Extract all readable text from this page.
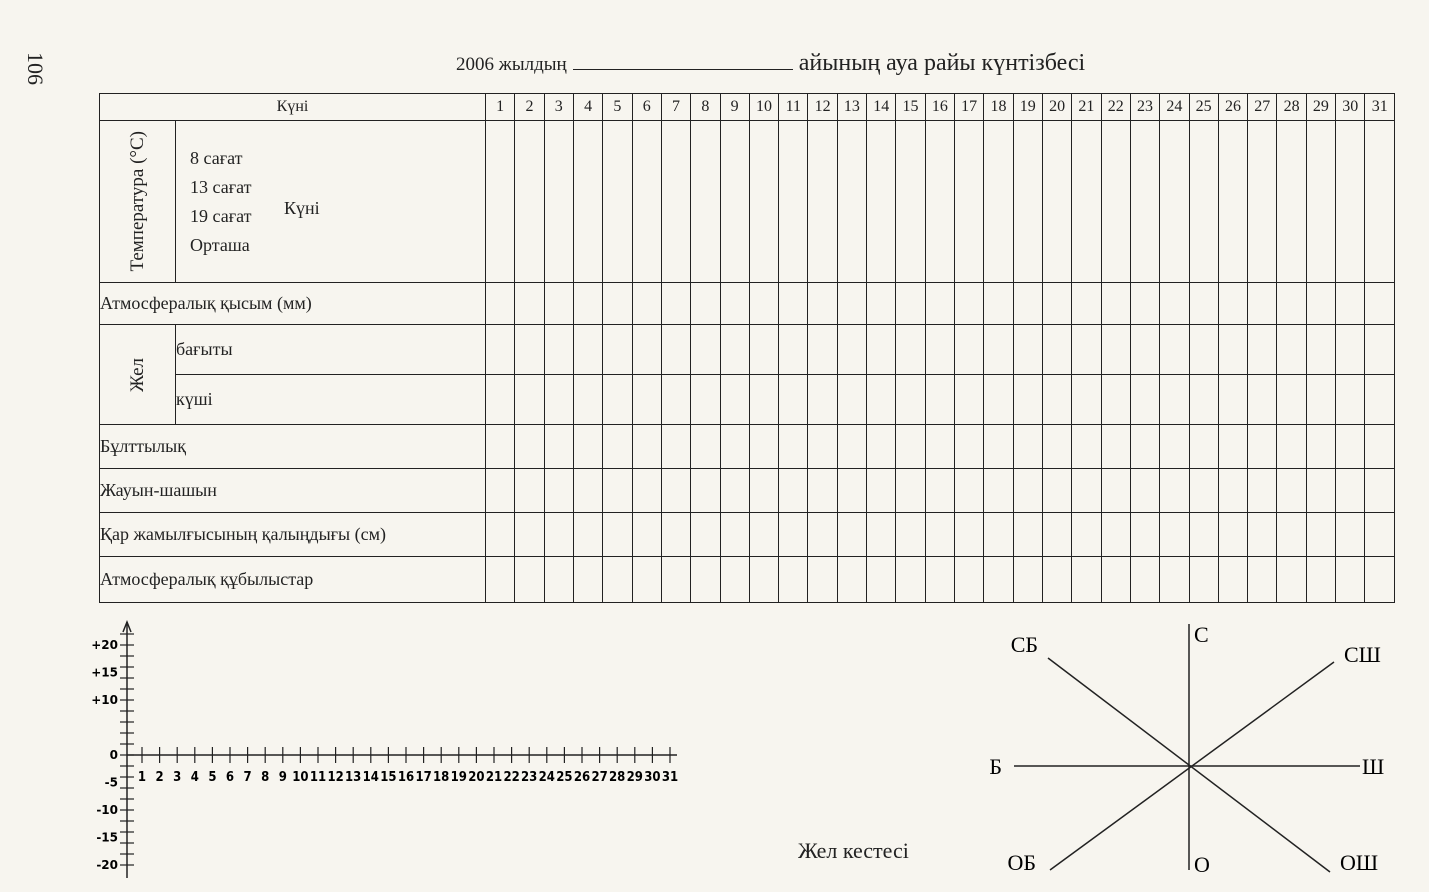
106	2006 жылдың	айының ауа райы күнтізбесі
Күні		1	2	3	4	5	6	7	8	9	10	11	12	13	14	15	16	17	18	19	20	21	22	23	24	25	26	27	28	29	30	31

Температура (°С)	8 сағат
13 сағат
19 сағат
Орташа
Күні																															

Атмосфералық қысым (мм)																																

Жел	бағыты																															
	күші																															
Бұлттылық																																
Жауын-шашын																																
Қар жамылғысының қалыңдығы (см)																																
Атмосфералық құбылыстар																																
1 2 3 4 5 6 7 8 9 10 11 12 13 14 15 16 17 18 19 20 21 22 23 24 25 26 27 28 29 30 31
+20
+15
+10
0
-5
-10
-15
-20
С
СШ
Ш
ОШ
О
ОБ
Б
СБ
Жел кестесі
